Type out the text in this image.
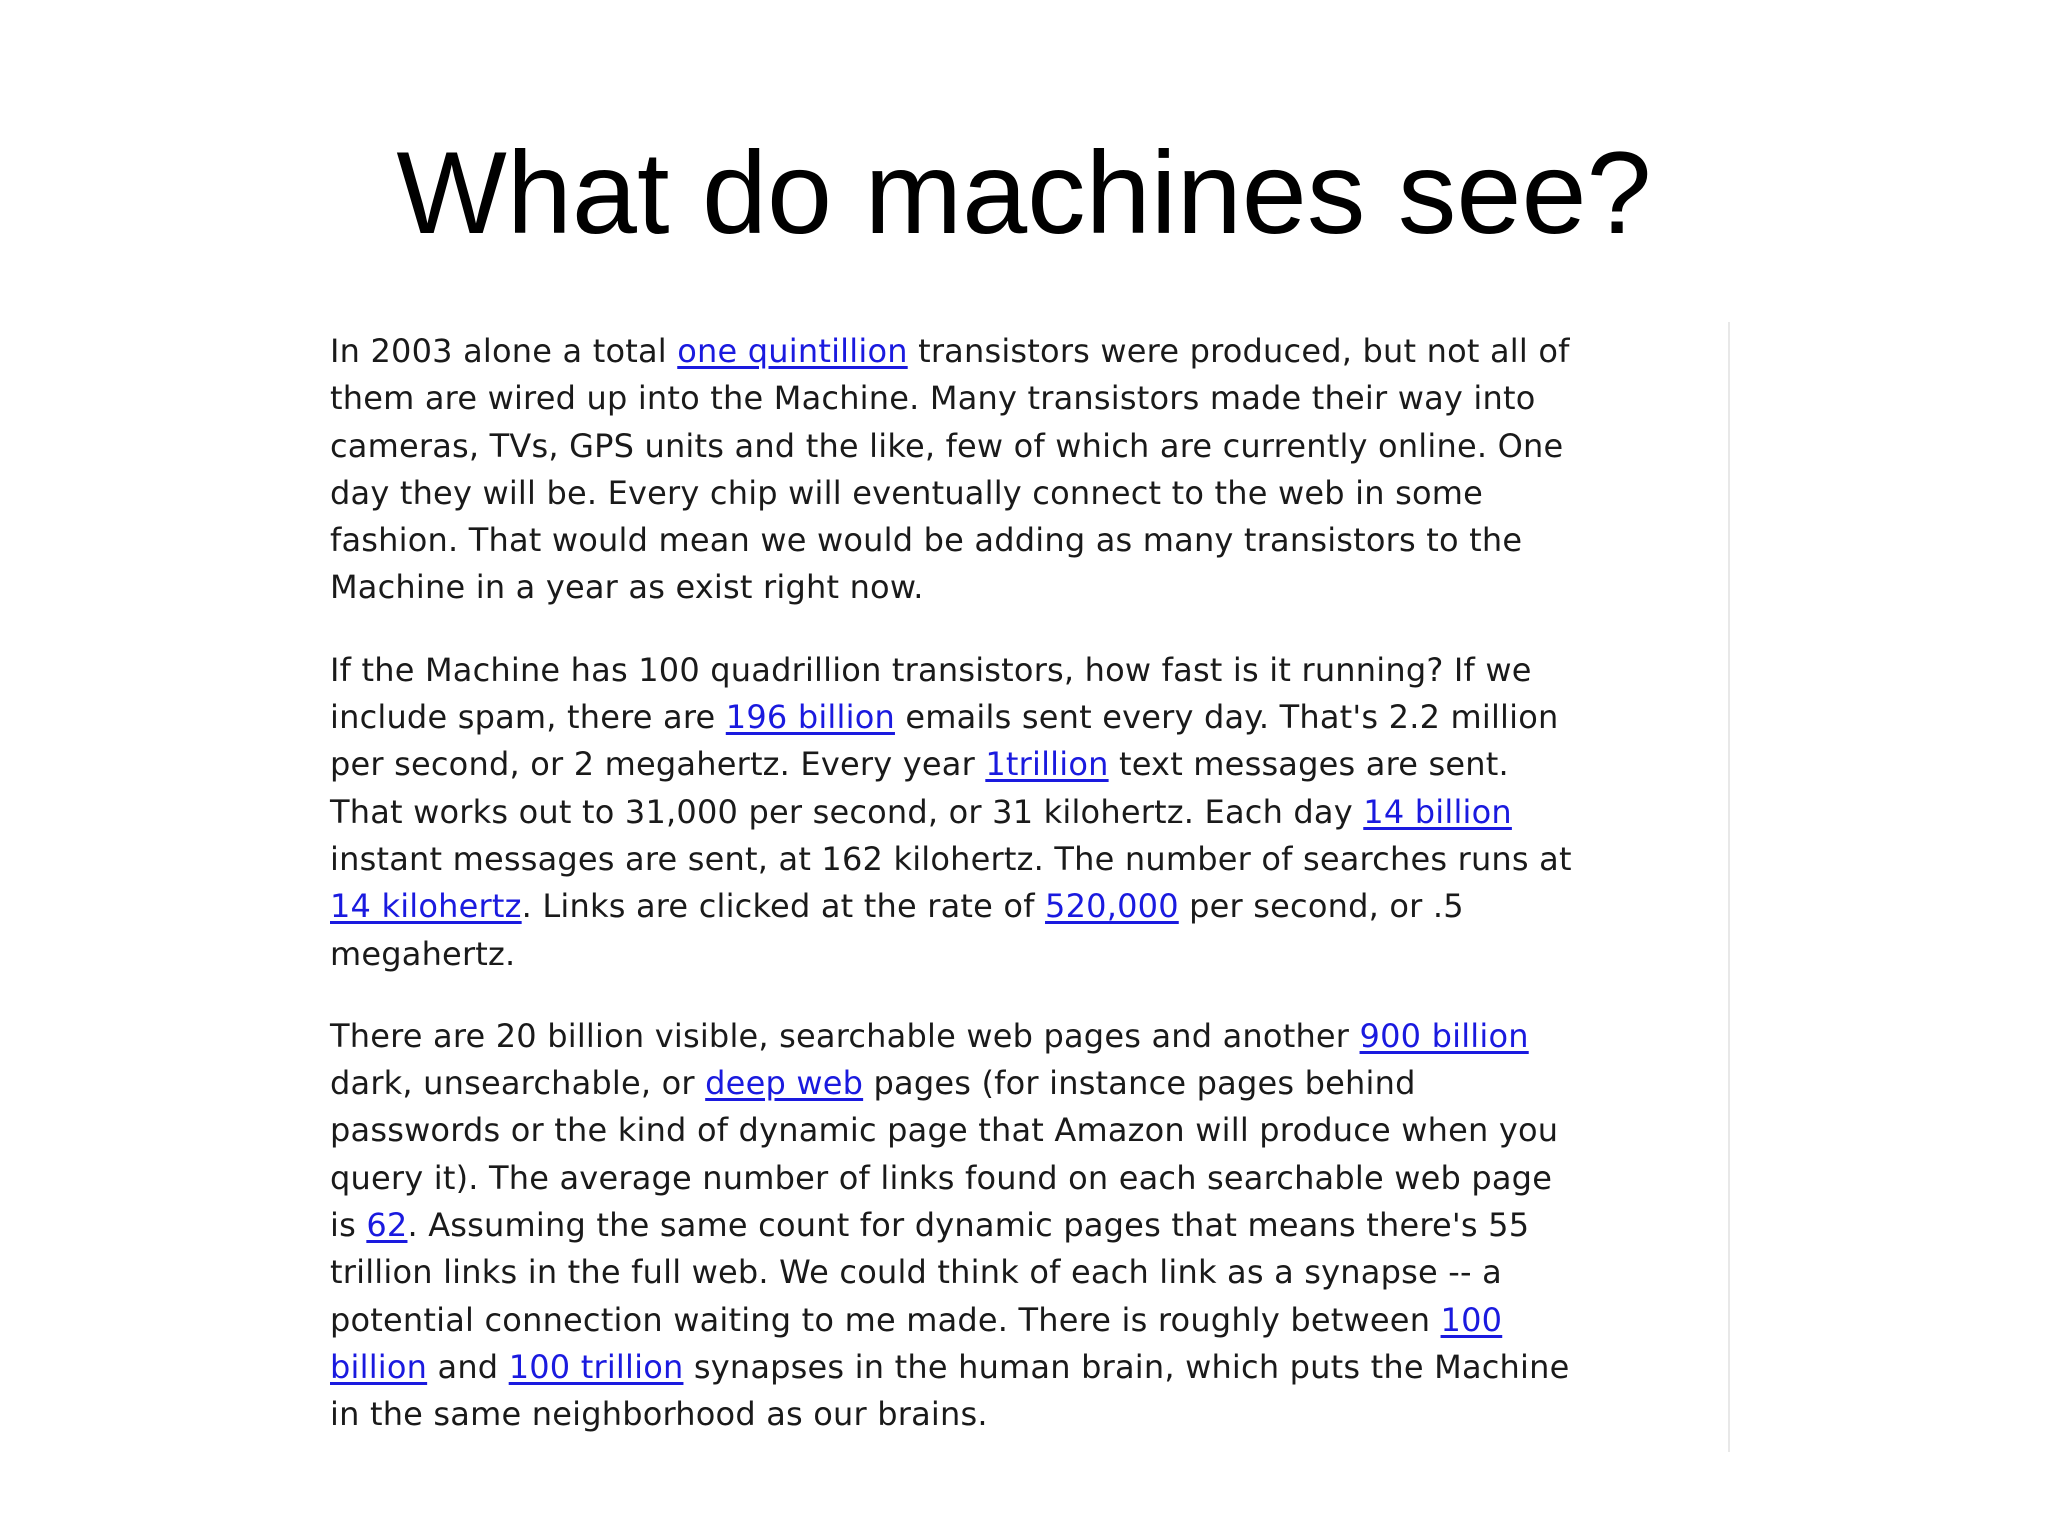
What do machines see?

In 2003 alone a total one quintillion transistors were produced, but not all of
them are wired up into the Machine. Many transistors made their way into
cameras, TVs, GPS units and the like, few of which are currently online. One
day they will be. Every chip will eventually connect to the web in some
fashion. That would mean we would be adding as many transistors to the
Machine in a year as exist right now.

If the Machine has 100 quadrillion transistors, how fast is it running? If we
include spam, there are 196 billion emails sent every day. That's 2.2 million
per second, or 2 megahertz. Every year 1trillion text messages are sent.
That works out to 31,000 per second, or 31 kilohertz. Each day 14 billion
instant messages are sent, at 162 kilohertz. The number of searches runs at
14 kilohertz. Links are clicked at the rate of 520,000 per second, or .5
megahertz.

There are 20 billion visible, searchable web pages and another 900 billion
dark, unsearchable, or deep web pages (for instance pages behind
passwords or the kind of dynamic page that Amazon will produce when you
query it). The average number of links found on each searchable web page
is 62. Assuming the same count for dynamic pages that means there's 55
trillion links in the full web. We could think of each link as a synapse -- a
potential connection waiting to me made. There is roughly between 100
billion and 100 trillion synapses in the human brain, which puts the Machine
in the same neighborhood as our brains.
